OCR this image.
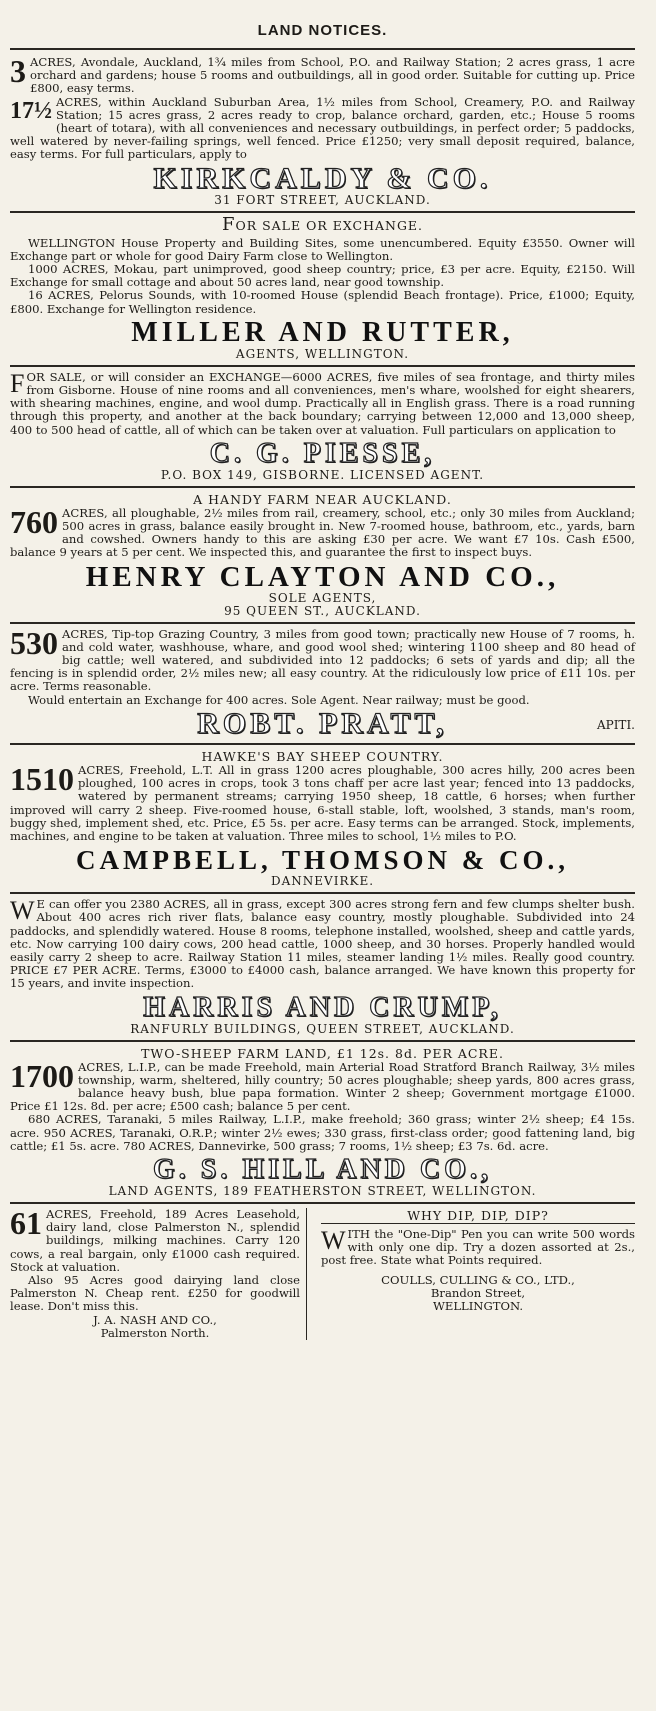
LAND NOTICES.

3 ACRES, Avondale, Auckland, 1¾ miles from School, P.O. and Railway Station; 2 acres grass, 1 acre orchard and gardens; house 5 rooms and outbuildings, all in good order. Suitable for cutting up. Price £800, easy terms.

17½ ACRES, within Auckland Suburban Area, 1½ miles from School, Creamery, P.O. and Railway Station; 15 acres grass, 2 acres ready to crop, balance orchard, garden, etc.; House 5 rooms (heart of totara), with all conveniences and necessary outbuildings, in perfect order; 5 paddocks, well watered by never-failing springs, well fenced. Price £1250; very small deposit required, balance, easy terms. For full particulars, apply to

KIRKCALDY & CO.
31 FORT STREET, AUCKLAND.
FOR SALE OR EXCHANGE.

WELLINGTON House Property and Building Sites, some unencumbered. Equity £3550. Owner will Exchange part or whole for good Dairy Farm close to Wellington.

1000 ACRES, Mokau, part unimproved, good sheep country; price, £3 per acre. Equity, £2150. Will Exchange for small cottage and about 50 acres land, near good township.

16 ACRES, Pelorus Sounds, with 10-roomed House (splendid Beach frontage). Price, £1000; Equity, £800. Exchange for Wellington residence.

MILLER AND RUTTER,
AGENTS, WELLINGTON.

FOR SALE, or will consider an EXCHANGE—6000 ACRES, five miles of sea frontage, and thirty miles from Gisborne. House of nine rooms and all conveniences, men's whare, woolshed for eight shearers, with shearing machines, engine, and wool dump. Practically all in English grass. There is a road running through this property, and another at the back boundary; carrying between 12,000 and 13,000 sheep, 400 to 500 head of cattle, all of which can be taken over at valuation. Full particulars on application to

C. G. PIESSE,
P.O. BOX 149, GISBORNE. LICENSED AGENT.
A HANDY FARM NEAR AUCKLAND.

760 ACRES, all ploughable, 2½ miles from rail, creamery, school, etc.; only 30 miles from Auckland; 500 acres in grass, balance easily brought in. New 7-roomed house, bathroom, etc., yards, barn and cowshed. Owners handy to this are asking £30 per acre. We want £7 10s. Cash £500, balance 9 years at 5 per cent. We inspected this, and guarantee the first to inspect buys.

HENRY CLAYTON AND CO.,
SOLE AGENTS,
95 QUEEN ST., AUCKLAND.

530 ACRES, Tip-top Grazing Country, 3 miles from good town; practically new House of 7 rooms, h. and cold water, washhouse, whare, and good wool shed; wintering 1100 sheep and 80 head of big cattle; well watered, and subdivided into 12 paddocks; 6 sets of yards and dip; all the fencing is in splendid order, 2½ miles new; all easy country. At the ridiculously low price of £11 10s. per acre. Terms reasonable.

Would entertain an Exchange for 400 acres. Sole Agent. Near railway; must be good.

ROBT. PRATT,	APITI.
HAWKE'S BAY SHEEP COUNTRY.

1510 ACRES, Freehold, L.T. All in grass 1200 acres ploughable, 300 acres hilly, 200 acres been ploughed, 100 acres in crops, took 3 tons chaff per acre last year; fenced into 13 paddocks, watered by permanent streams; carrying 1950 sheep, 18 cattle, 6 horses; when further improved will carry 2 sheep. Five-roomed house, 6-stall stable, loft, woolshed, 3 stands, man's room, buggy shed, implement shed, etc. Price, £5 5s. per acre. Easy terms can be arranged. Stock, implements, machines, and engine to be taken at valuation. Three miles to school, 1½ miles to P.O.

CAMPBELL, THOMSON & CO.,
DANNEVIRKE.

W E can offer you 2380 ACRES, all in grass, except 300 acres strong fern and few clumps shelter bush. About 400 acres rich river flats, balance easy country, mostly ploughable. Subdivided into 24 paddocks, and splendidly watered. House 8 rooms, telephone installed, woolshed, sheep and cattle yards, etc. Now carrying 100 dairy cows, 200 head cattle, 1000 sheep, and 30 horses. Properly handled would easily carry 2 sheep to acre. Railway Station 11 miles, steamer landing 1½ miles. Really good country. PRICE £7 PER ACRE. Terms, £3000 to £4000 cash, balance arranged. We have known this property for 15 years, and invite inspection.

HARRIS AND CRUMP,
RANFURLY BUILDINGS, QUEEN STREET, AUCKLAND.
TWO-SHEEP FARM LAND, £1 12s. 8d. PER ACRE.

1700 ACRES, L.I.P., can be made Freehold, main Arterial Road Stratford Branch Railway, 3½ miles township, warm, sheltered, hilly country; 50 acres ploughable; sheep yards, 800 acres grass, balance heavy bush, blue papa formation. Winter 2 sheep; Government mortgage £1000. Price £1 12s. 8d. per acre; £500 cash; balance 5 per cent.

680 ACRES, Taranaki, 5 miles Railway, L.I.P., make freehold; 360 grass; winter 2½ sheep; £4 15s. acre. 950 ACRES, Taranaki, O.R.P.; winter 2½ ewes; 330 grass, first-class order; good fattening land, big cattle; £1 5s. acre. 780 ACRES, Dannevirke, 500 grass; 7 rooms, 1½ sheep; £3 7s. 6d. acre.

G. S. HILL AND CO.,
LAND AGENTS, 189 FEATHERSTON STREET, WELLINGTON.

61 ACRES, Freehold, 189 Acres Leasehold, dairy land, close Palmerston N., splendid buildings, milking machines. Carry 120 cows, a real bargain, only £1000 cash required. Stock at valuation.

Also 95 Acres good dairying land close Palmerston N. Cheap rent. £250 for goodwill lease. Don't miss this.

J. A. NASH AND CO.,
Palmerston North.
WHY DIP, DIP, DIP?

WITH the "One-Dip" Pen you can write 500 words with only one dip. Try a dozen assorted at 2s., post free. State what Points required.

COULLS, CULLING & CO., LTD.,
Brandon Street,
WELLINGTON.
